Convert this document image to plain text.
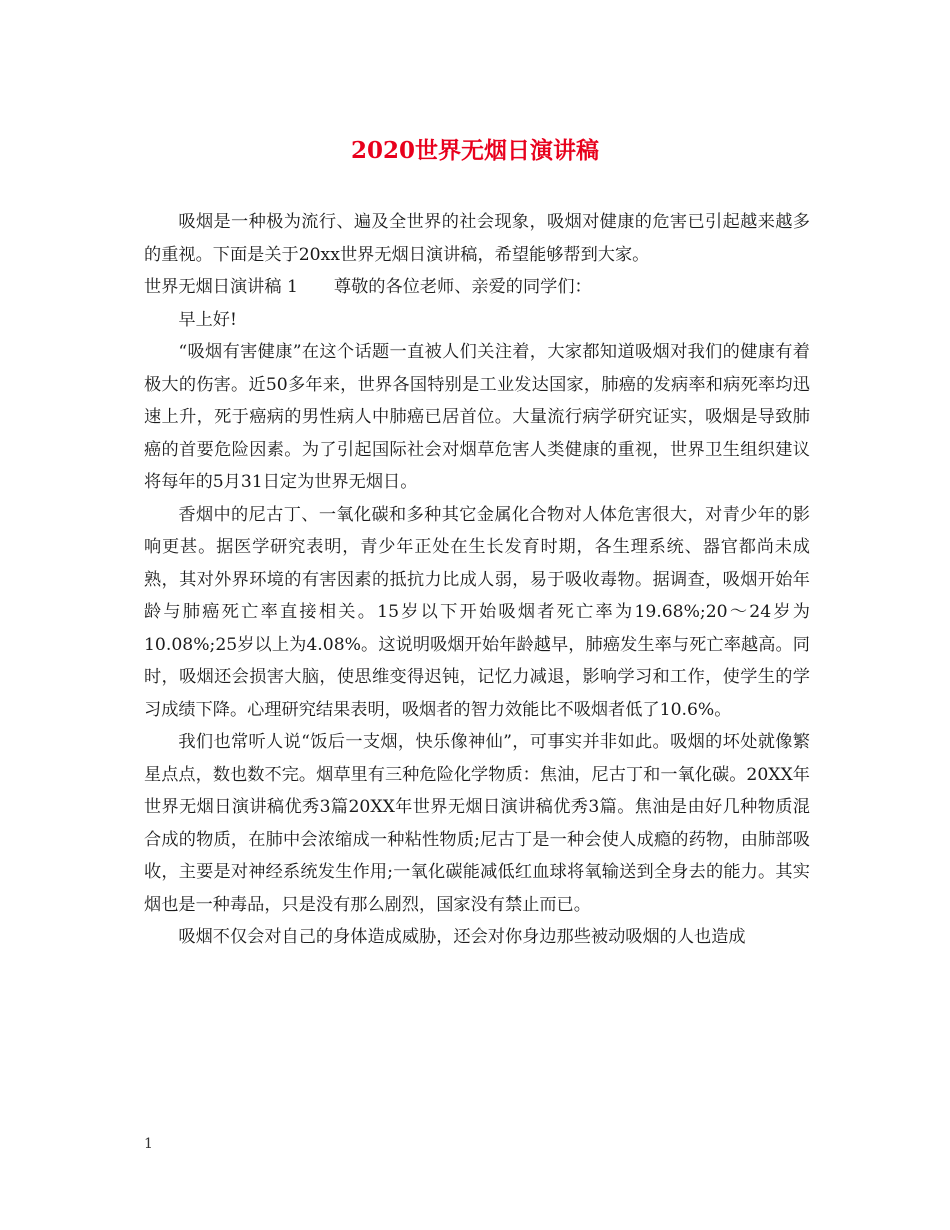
2020世界无烟日演讲稿

吸烟是一种极为流行、遍及全世界的社会现象，吸烟对健康的危害已引起越来越多的重视。下面是关于20xx世界无烟日演讲稿，希望能够帮到大家。

世界无烟日演讲稿 1 尊敬的各位老师、亲爱的同学们：

早上好!

“吸烟有害健康”在这个话题一直被人们关注着，大家都知道吸烟对我们的健康有着极大的伤害。近50多年来，世界各国特别是工业发达国家，肺癌的发病率和病死率均迅速上升，死于癌病的男性病人中肺癌已居首位。大量流行病学研究证实，吸烟是导致肺癌的首要危险因素。为了引起国际社会对烟草危害人类健康的重视，世界卫生组织建议将每年的5月31日定为世界无烟日。

香烟中的尼古丁、一氧化碳和多种其它金属化合物对人体危害很大，对青少年的影响更甚。据医学研究表明，青少年正处在生长发育时期，各生理系统、器官都尚未成熟，其对外界环境的有害因素的抵抗力比成人弱，易于吸收毒物。据调查，吸烟开始年龄与肺癌死亡率直接相关。15岁以下开始吸烟者死亡率为19.68%;20～24岁为10.08%;25岁以上为4.08%。这说明吸烟开始年龄越早，肺癌发生率与死亡率越高。同时，吸烟还会损害大脑，使思维变得迟钝，记忆力减退，影响学习和工作，使学生的学习成绩下降。心理研究结果表明，吸烟者的智力效能比不吸烟者低了10.6%。

我们也常听人说“饭后一支烟，快乐像神仙”，可事实并非如此。吸烟的坏处就像繁星点点，数也数不完。烟草里有三种危险化学物质：焦油，尼古丁和一氧化碳。20XX年世界无烟日演讲稿优秀3篇20XX年世界无烟日演讲稿优秀3篇。焦油是由好几种物质混合成的物质，在肺中会浓缩成一种粘性物质;尼古丁是一种会使人成瘾的药物，由肺部吸收，主要是对神经系统发生作用;一氧化碳能减低红血球将氧输送到全身去的能力。其实烟也是一种毒品，只是没有那么剧烈，国家没有禁止而已。

吸烟不仅会对自己的身体造成威胁，还会对你身边那些被动吸烟的人也造成

1
